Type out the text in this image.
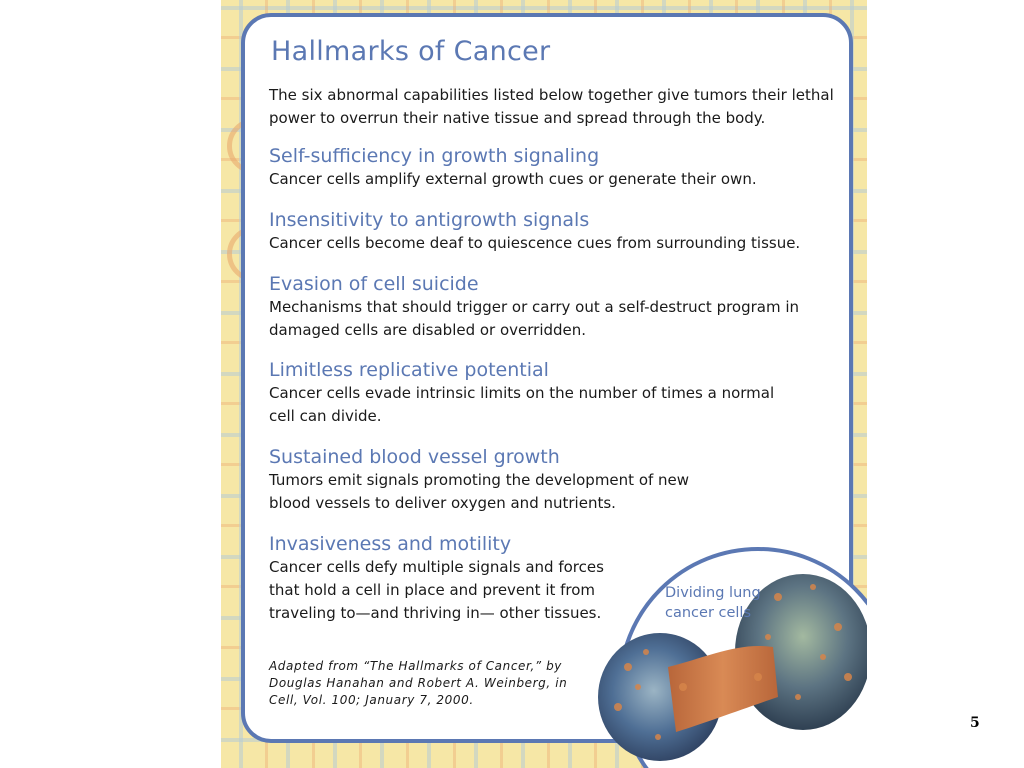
Hallmarks of Cancer

The six abnormal capabilities listed below together give tumors their lethal power to overrun their native tissue and spread through the body.

Self-sufficiency in growth signaling

Cancer cells amplify external growth cues or generate their own.

Insensitivity to antigrowth signals

Cancer cells become deaf to quiescence cues from surrounding tissue.

Evasion of cell suicide

Mechanisms that should trigger or carry out a self-destruct program in damaged cells are disabled or overridden.

Limitless replicative potential

Cancer cells evade intrinsic limits on the number of times a normal cell can divide.

Sustained blood vessel growth

Tumors emit signals promoting the development of new blood vessels to deliver oxygen and nutrients.

Invasiveness and motility

Cancer cells defy multiple signals and forces that hold a cell in place and prevent it from traveling to—and thriving in— other tissues.

Adapted from “The Hallmarks of Cancer,” by Douglas Hanahan and Robert A. Weinberg, in Cell, Vol. 100; January 7, 2000.

Dividing lung cancer cells

5
